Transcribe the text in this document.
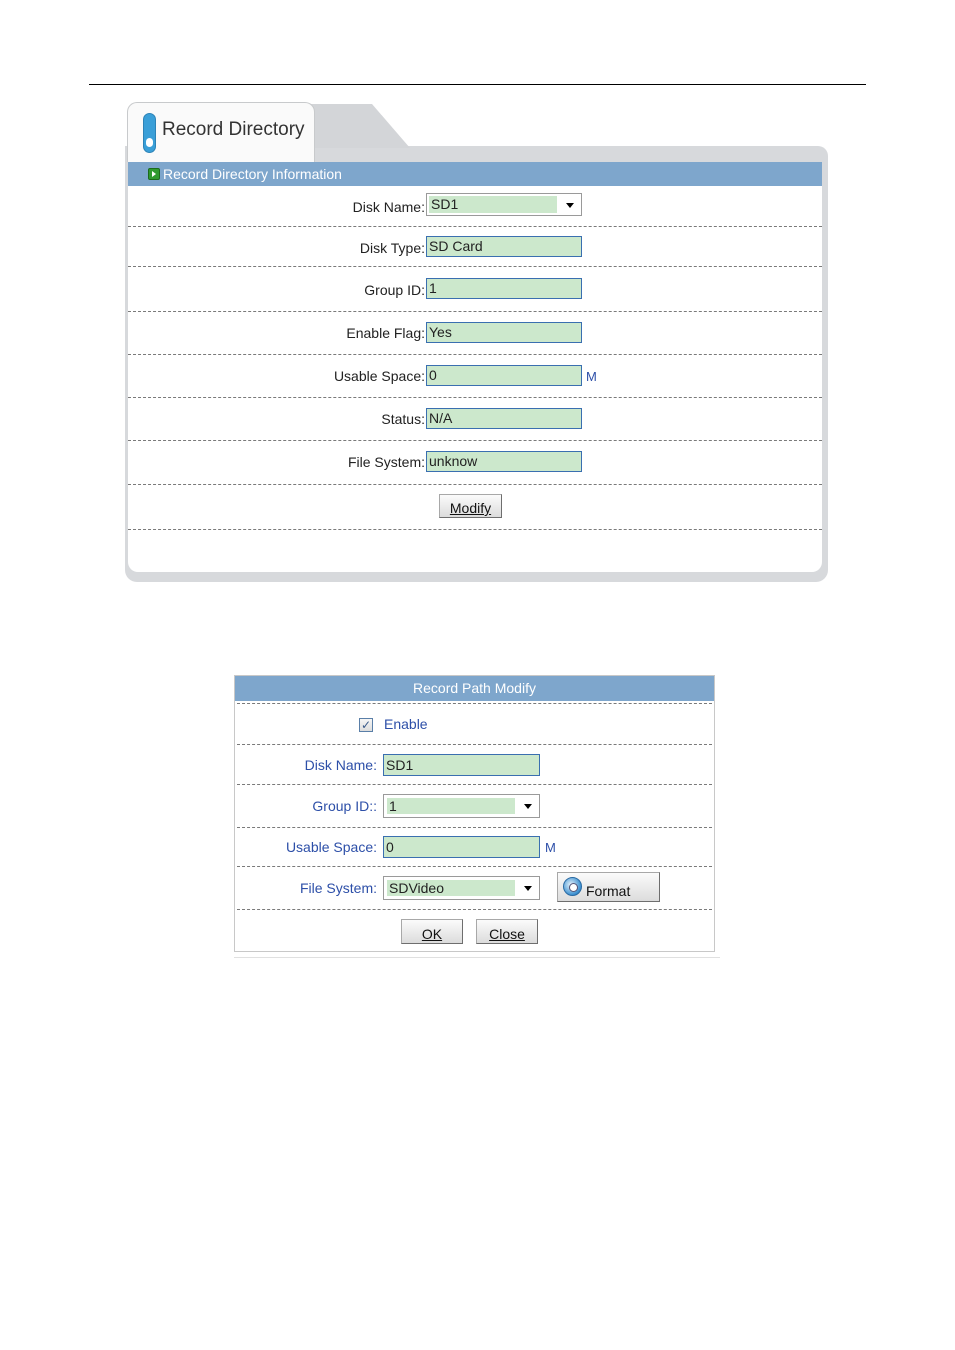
Record Directory
Record Directory Information
Disk Name: SD1
Disk Type: SD Card
Group ID: 1
Enable Flag: Yes
Usable Space: 0	M
Status: N/A
File System: unknow
Modify
Record Path Modify
✓ Enable
Disk Name: SD1
Group ID:: 1
Usable Space: 0	M
File System: SDVideo	Format
OK	Close
